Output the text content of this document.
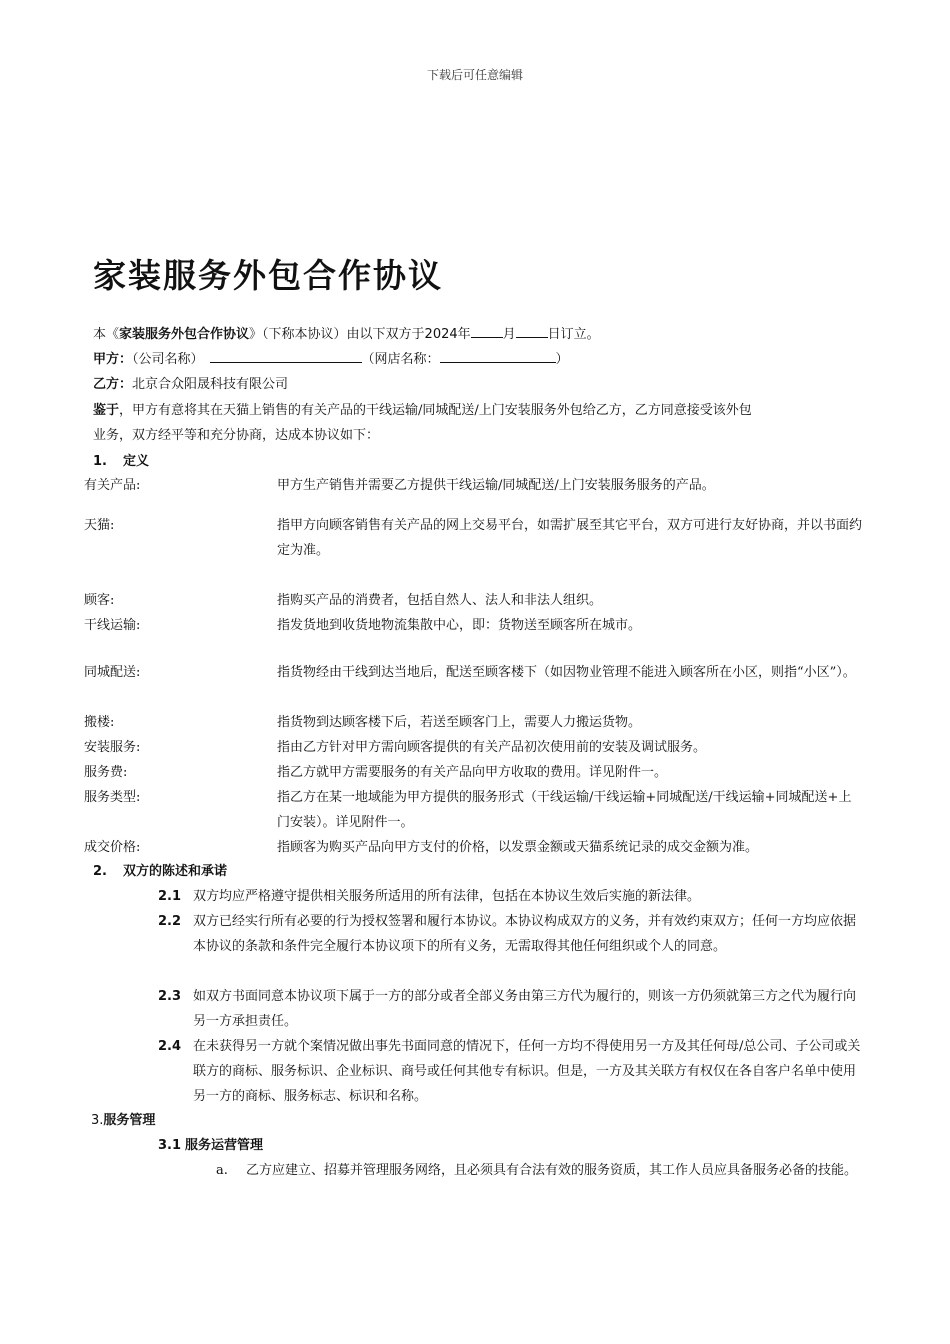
下载后可任意编辑
家装服务外包合作协议
本《家装服务外包合作协议》（下称本协议）由以下双方于2024年 月 日订立。
甲方：（公司名称）	（网店名称：	）
乙方：北京合众阳晟科技有限公司
鉴于，甲方有意将其在天猫上销售的有关产品的干线运输/同城配送/上门安装服务外包给乙方，乙方同意接受该外包
业务，双方经平等和充分协商，达成本协议如下：
1. 定义
有关产品:	甲方生产销售并需要乙方提供干线运输/同城配送/上门安装服务服务的产品。
天猫:	指甲方向顾客销售有关产品的网上交易平台，如需扩展至其它平台，双方可进行友好协商，并以书面约定为准。
顾客:	指购买产品的消费者，包括自然人、法人和非法人组织。
干线运输:	指发货地到收货地物流集散中心，即：货物送至顾客所在城市。
同城配送:	指货物经由干线到达当地后，配送至顾客楼下（如因物业管理不能进入顾客所在小区，则指“小区”）。
搬楼:	指货物到达顾客楼下后，若送至顾客门上，需要人力搬运货物。
安装服务:	指由乙方针对甲方需向顾客提供的有关产品初次使用前的安装及调试服务。
服务费:	指乙方就甲方需要服务的有关产品向甲方收取的费用。详见附件一。
服务类型:	指乙方在某一地域能为甲方提供的服务形式（干线运输/干线运输+同城配送/干线运输+同城配送+上门安装）。详见附件一。
成交价格:	指顾客为购买产品向甲方支付的价格，以发票金额或天猫系统记录的成交金额为准。
2. 双方的陈述和承诺
2.1 双方均应严格遵守提供相关服务所适用的所有法律，包括在本协议生效后实施的新法律。
2.2 双方已经实行所有必要的行为授权签署和履行本协议。本协议构成双方的义务，并有效约束双方；任何一方均应依据本协议的条款和条件完全履行本协议项下的所有义务，无需取得其他任何组织或个人的同意。
2.3 如双方书面同意本协议项下属于一方的部分或者全部义务由第三方代为履行的，则该一方仍须就第三方之代为履行向另一方承担责任。
2.4 在未获得另一方就个案情况做出事先书面同意的情况下，任何一方均不得使用另一方及其任何母/总公司、子公司或关联方的商标、服务标识、企业标识、商号或任何其他专有标识。但是，一方及其关联方有权仅在各自客户名单中使用另一方的商标、服务标志、标识和名称。
3.服务管理
3.1 服务运营管理
a. 乙方应建立、招募并管理服务网络，且必须具有合法有效的服务资质，其工作人员应具备服务必备的技能。
